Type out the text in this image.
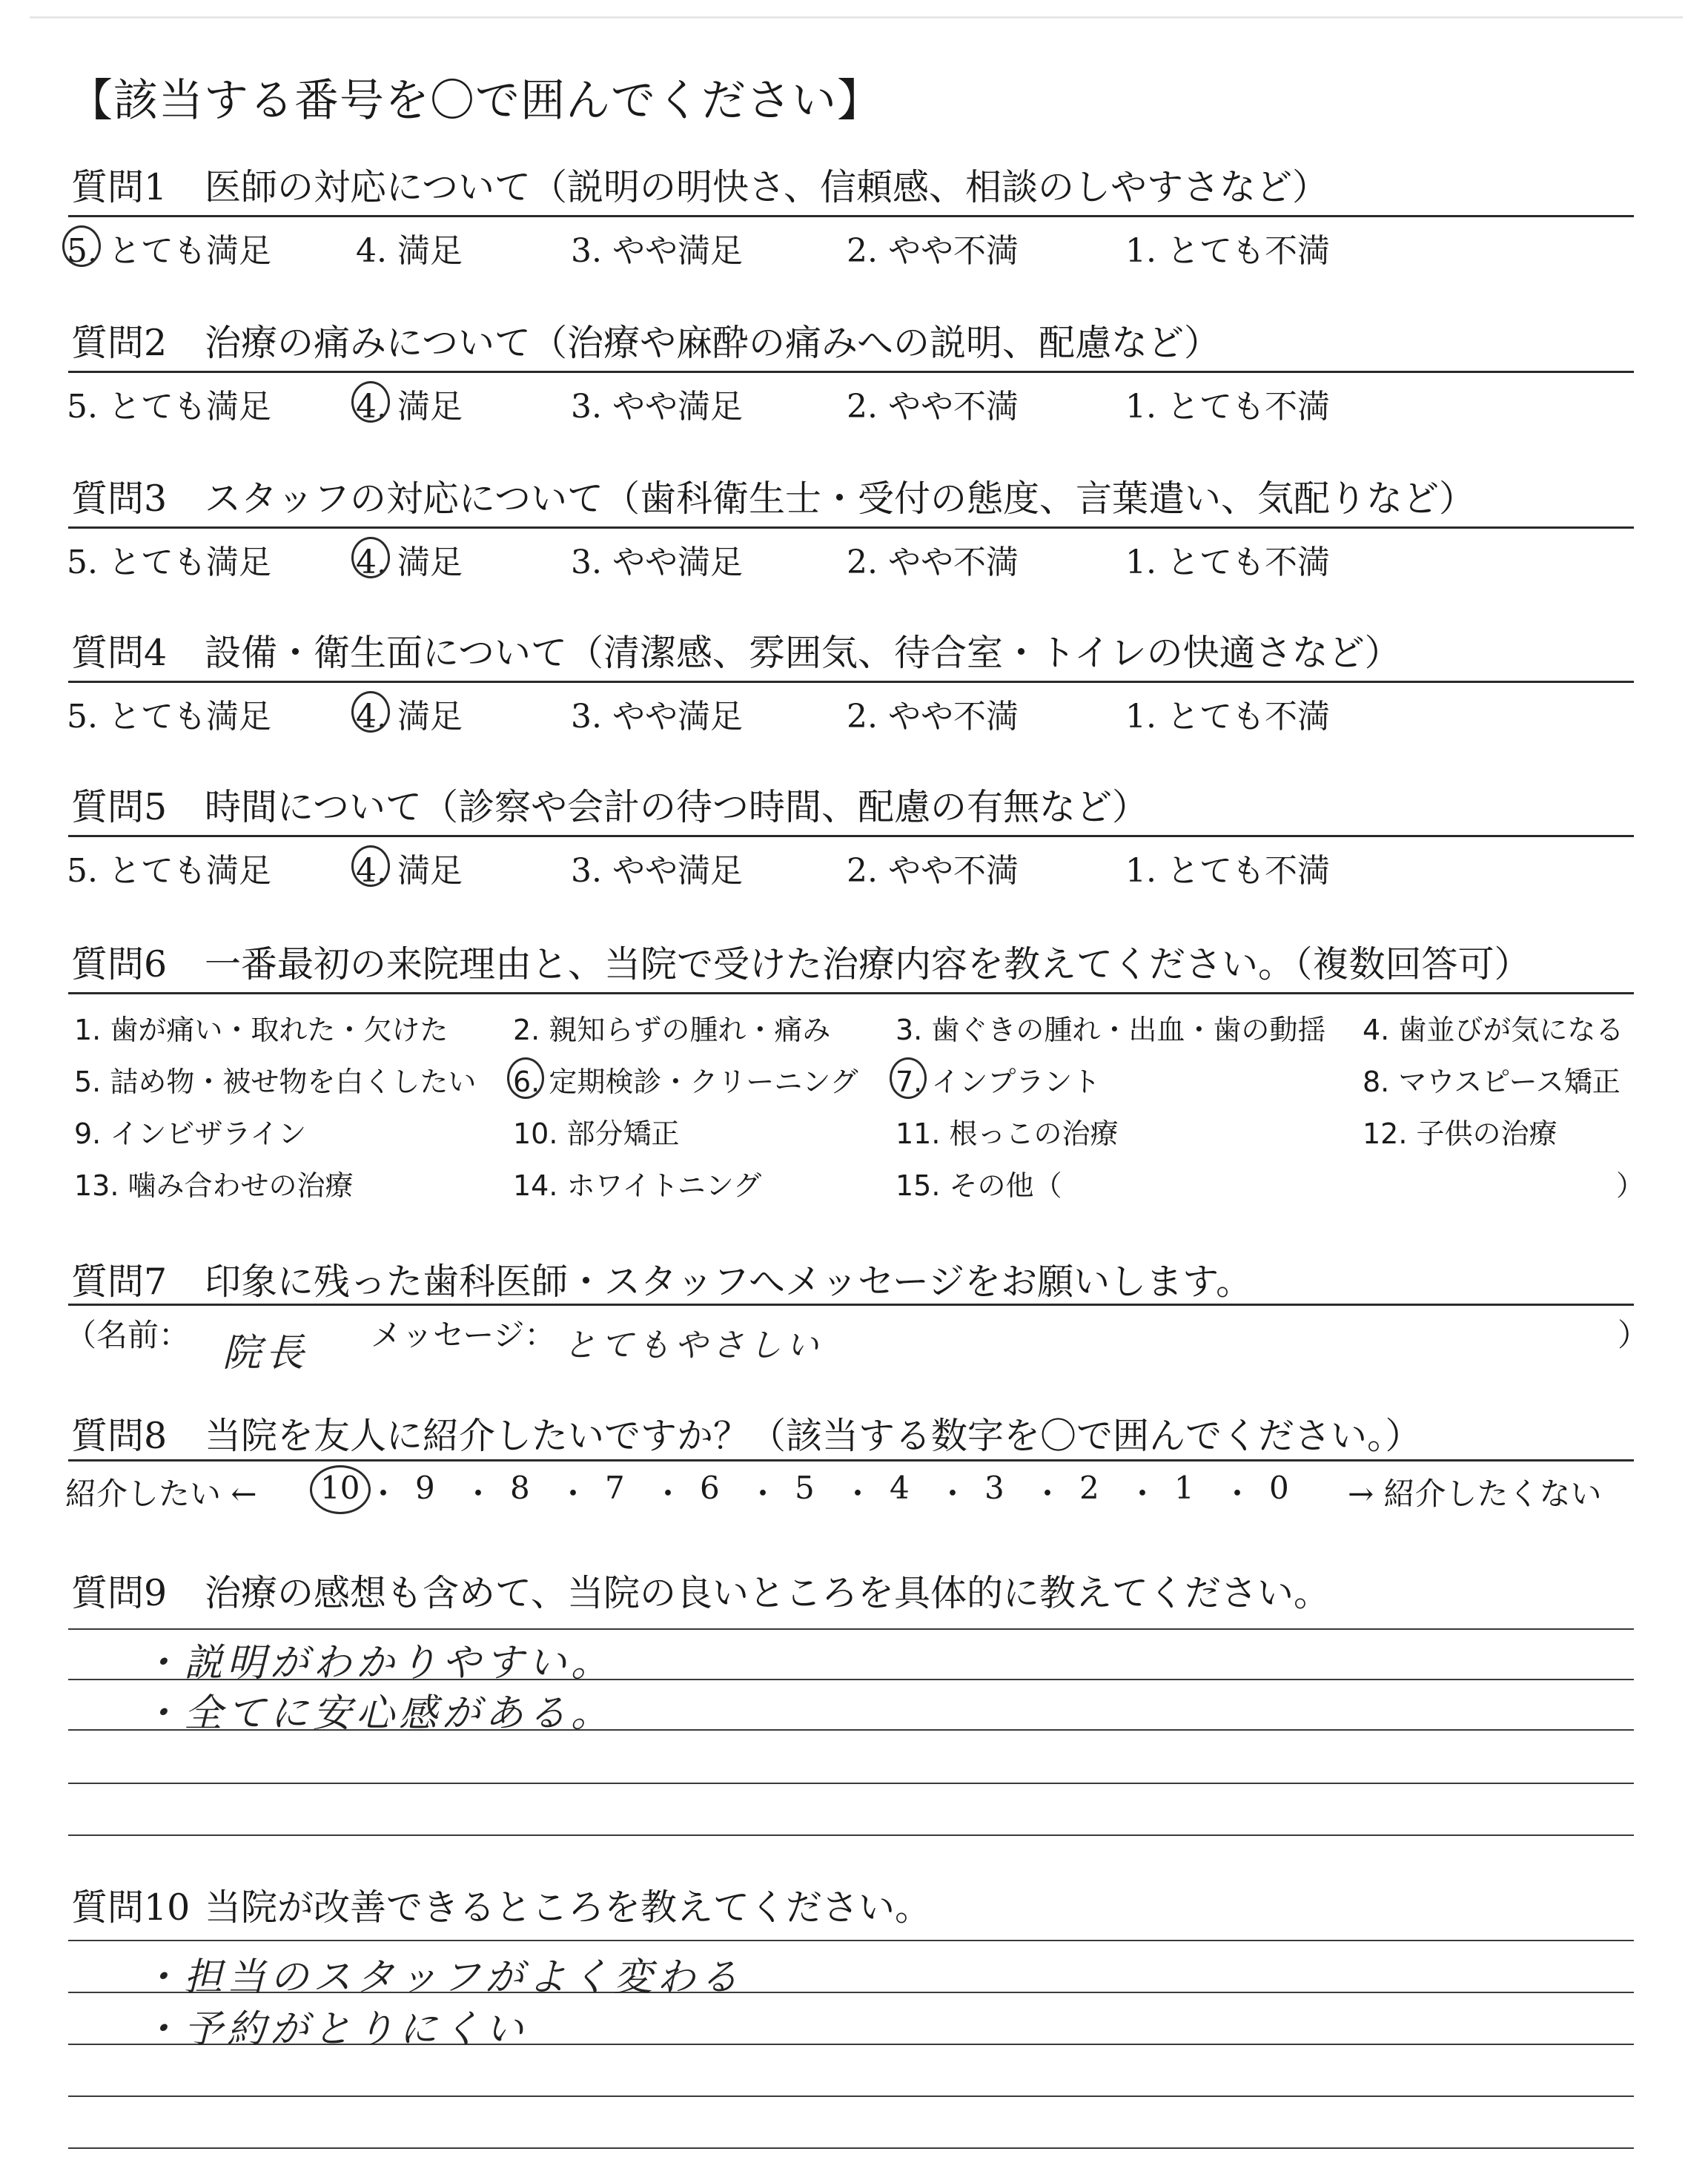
【該当する番号を〇で囲んでください】
質問1 医師の対応について（説明の明快さ、信頼感、相談のしやすさなど）
5. とても満足	4. 満足	3. やや満足	2. やや不満	1. とても不満
質問2 治療の痛みについて（治療や麻酔の痛みへの説明、配慮など）
5. とても満足	4. 満足	3. やや満足	2. やや不満	1. とても不満
質問3 スタッフの対応について（歯科衛生士・受付の態度、言葉遣い、気配りなど）
5. とても満足	4. 満足	3. やや満足	2. やや不満	1. とても不満
質問4 設備・衛生面について（清潔感、雰囲気、待合室・トイレの快適さなど）
5. とても満足	4. 満足	3. やや満足	2. やや不満	1. とても不満
質問5 時間について（診察や会計の待つ時間、配慮の有無など）
5. とても満足	4. 満足	3. やや満足	2. やや不満	1. とても不満
質問6 一番最初の来院理由と、当院で受けた治療内容を教えてください。（複数回答可）
1. 歯が痛い・取れた・欠けた 2. 親知らずの腫れ・痛み 3. 歯ぐきの腫れ・出血・歯の動揺 4. 歯並びが気になる
5. 詰め物・被せ物を白くしたい 6. 定期検診・クリーニング 7. インプラント	8. マウスピース矯正
9. インビザライン	10. 部分矯正	11. 根っこの治療	12. 子供の治療
13. 噛み合わせの治療	14. ホワイトニング	15. その他（	）
質問7 印象に残った歯科医師・スタッフへメッセージをお願いします。
（名前： 院長 メッセージ： とてもやさしい	）
質問8 当院を友人に紹介したいですか？（該当する数字を〇で囲んでください。）
紹介したい ← 10 ・ 9 ・ 8 ・ 7 ・ 6 ・ 5 ・ 4 ・ 3 ・ 2 ・ 1 ・ 0 → 紹介したくない
質問9 治療の感想も含めて、当院の良いところを具体的に教えてください。
・説明がわかりやすい。
・全てに安心感がある。
質問10 当院が改善できるところを教えてください。
・担当のスタッフがよく変わる
・予約がとりにくい
